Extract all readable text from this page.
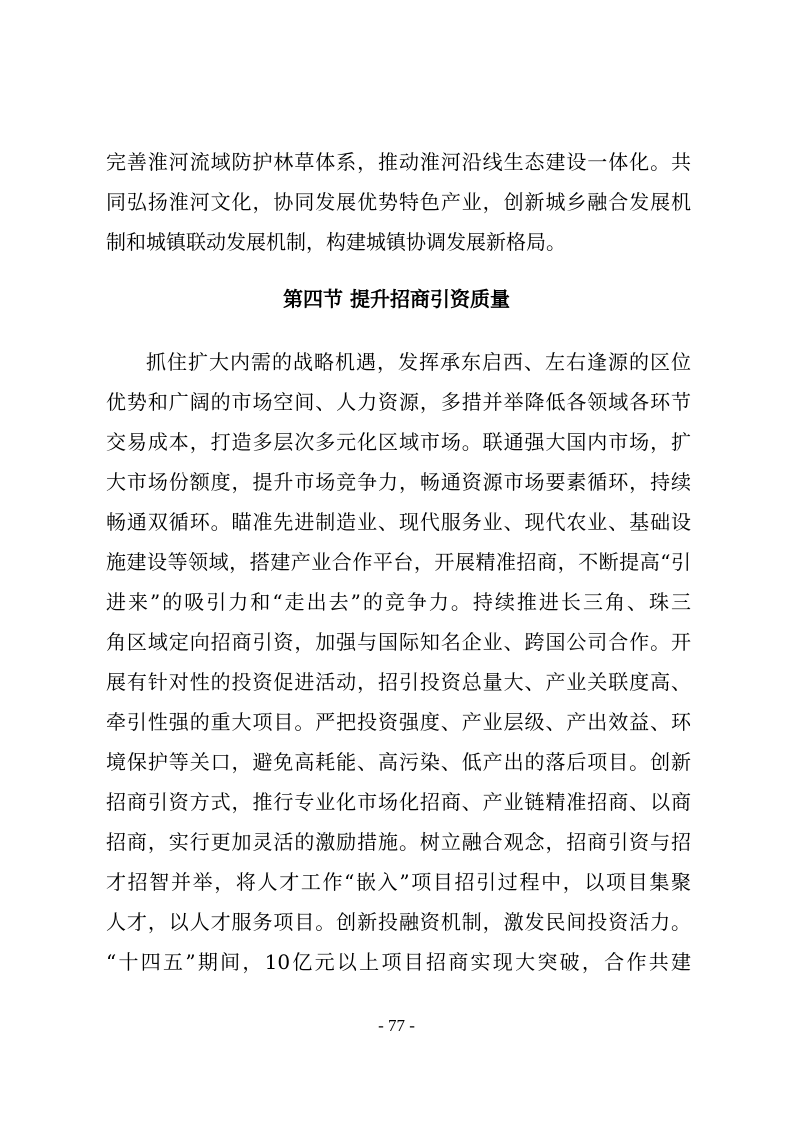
完善淮河流域防护林草体系，推动淮河沿线生态建设一体化。共
同弘扬淮河文化，协同发展优势特色产业，创新城乡融合发展机
制和城镇联动发展机制，构建城镇协调发展新格局。
第四节 提升招商引资质量
抓住扩大内需的战略机遇，发挥承东启西、左右逢源的区位
优势和广阔的市场空间、人力资源，多措并举降低各领域各环节
交易成本，打造多层次多元化区域市场。联通强大国内市场，扩
大市场份额度，提升市场竞争力，畅通资源市场要素循环，持续
畅通双循环。瞄准先进制造业、现代服务业、现代农业、基础设
施建设等领域，搭建产业合作平台，开展精准招商，不断提高“引
进来”的吸引力和“走出去”的竞争力。持续推进长三角、珠三
角区域定向招商引资，加强与国际知名企业、跨国公司合作。开
展有针对性的投资促进活动，招引投资总量大、产业关联度高、
牵引性强的重大项目。严把投资强度、产业层级、产出效益、环
境保护等关口，避免高耗能、高污染、低产出的落后项目。创新
招商引资方式，推行专业化市场化招商、产业链精准招商、以商
招商，实行更加灵活的激励措施。树立融合观念，招商引资与招
才招智并举，将人才工作“嵌入”项目招引过程中，以项目集聚
人才，以人才服务项目。创新投融资机制，激发民间投资活力。
“十四五”期间，10亿元以上项目招商实现大突破，合作共建
- 77 -
